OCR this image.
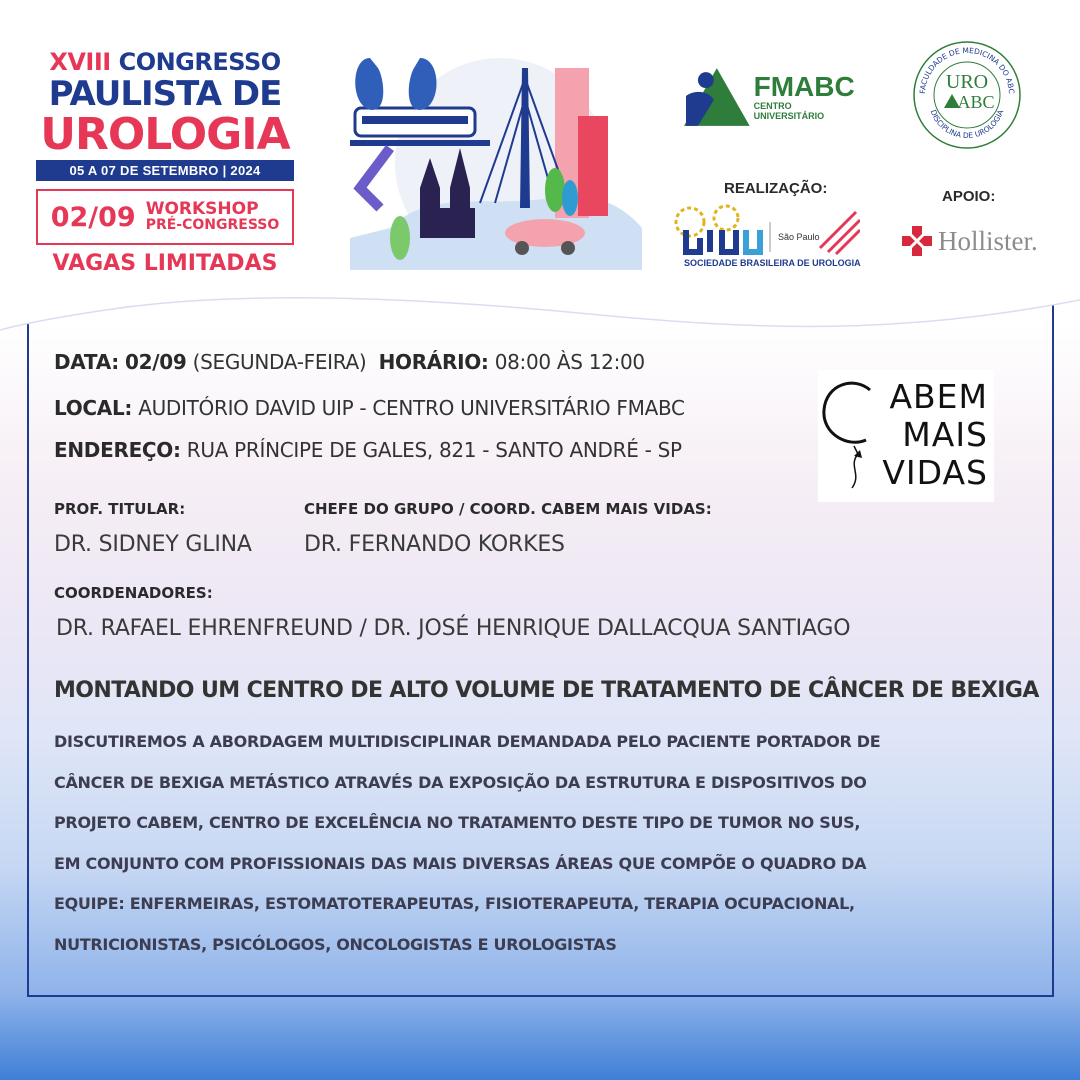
XVIII CONGRESSO
PAULISTA DE
UROLOGIA
05 A 07 DE SETEMBRO | 2024
02/09 WORKSHOP
PRÉ-CONGRESSO
VAGAS LIMITADAS
FMABC
CENTRO UNIVERSITÁRIO
FACULDADE DE MEDICINA DO ABC
DISCIPLINA DE UROLOGIA
URO
ABC
REALIZAÇÃO:	APOIO:
São Paulo
SOCIEDADE BRASILEIRA DE UROLOGIA
Hollister.
DATA: 02/09 (SEGUNDA-FEIRA) HORÁRIO: 08:00 ÀS 12:00
LOCAL: AUDITÓRIO DAVID UIP - CENTRO UNIVERSITÁRIO FMABC
ENDEREÇO: RUA PRÍNCIPE DE GALES, 821 - SANTO ANDRÉ - SP
ABEM
MAIS
VIDAS
PROF. TITULAR:
DR. SIDNEY GLINA
CHEFE DO GRUPO / COORD. CABEM MAIS VIDAS:
DR. FERNANDO KORKES
COORDENADORES:
DR. RAFAEL EHRENFREUND / DR. JOSÉ HENRIQUE DALLACQUA SANTIAGO
MONTANDO UM CENTRO DE ALTO VOLUME DE TRATAMENTO DE CÂNCER DE BEXIGA
DISCUTIREMOS A ABORDAGEM MULTIDISCIPLINAR DEMANDADA PELO PACIENTE PORTADOR DE
CÂNCER DE BEXIGA METÁSTICO ATRAVÉS DA EXPOSIÇÃO DA ESTRUTURA E DISPOSITIVOS DO
PROJETO CABEM, CENTRO DE EXCELÊNCIA NO TRATAMENTO DESTE TIPO DE TUMOR NO SUS,
EM CONJUNTO COM PROFISSIONAIS DAS MAIS DIVERSAS ÁREAS QUE COMPÕE O QUADRO DA
EQUIPE: ENFERMEIRAS, ESTOMATOTERAPEUTAS, FISIOTERAPEUTA, TERAPIA OCUPACIONAL,
NUTRICIONISTAS, PSICÓLOGOS, ONCOLOGISTAS E UROLOGISTAS
